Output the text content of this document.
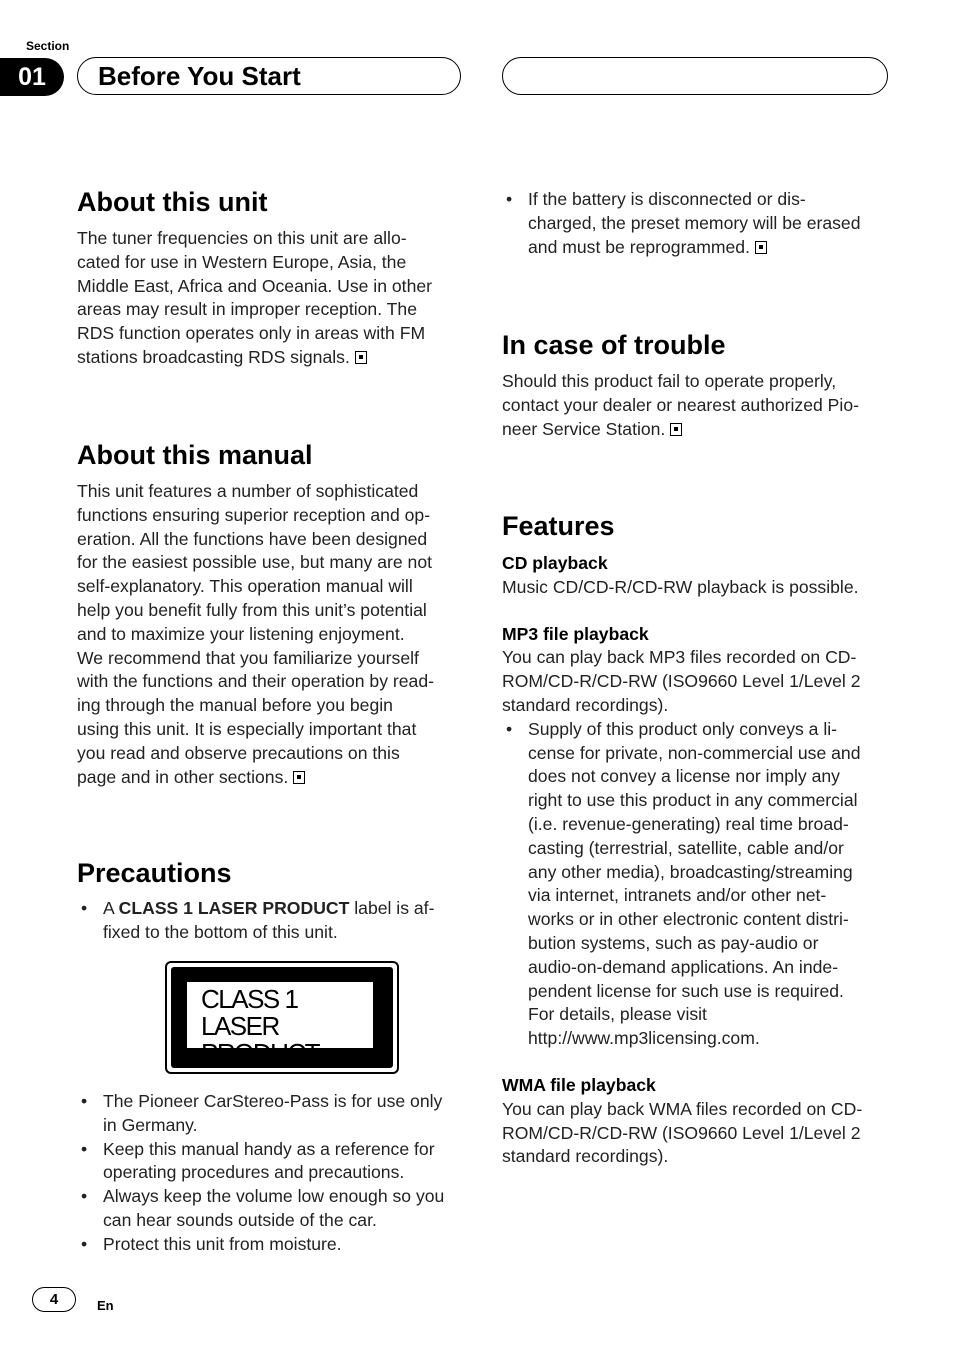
Section
01	Before You Start
About this unit

The tuner frequencies on this unit are allo-

cated for use in Western Europe, Asia, the

Middle East, Africa and Oceania. Use in other

areas may result in improper reception. The

RDS function operates only in areas with FM

stations broadcasting RDS signals.

About this manual

This unit features a number of sophisticated

functions ensuring superior reception and op-

eration. All the functions have been designed

for the easiest possible use, but many are not

self-explanatory. This operation manual will

help you benefit fully from this unit’s potential

and to maximize your listening enjoyment.

We recommend that you familiarize yourself

with the functions and their operation by read-

ing through the manual before you begin

using this unit. It is especially important that

you read and observe precautions on this

page and in other sections.

Precautions

• A CLASS 1 LASER PRODUCT label is af-

fixed to the bottom of this unit.

CLASS 1
LASER PRODUCT

• The Pioneer CarStereo-Pass is for use only

in Germany.

• Keep this manual handy as a reference for

operating procedures and precautions.

• Always keep the volume low enough so you

can hear sounds outside of the car.

• Protect this unit from moisture.

• If the battery is disconnected or dis-

charged, the preset memory will be erased

and must be reprogrammed.

In case of trouble

Should this product fail to operate properly,

contact your dealer or nearest authorized Pio-

neer Service Station.

Features

CD playback

Music CD/CD-R/CD-RW playback is possible.

MP3 file playback

You can play back MP3 files recorded on CD-

ROM/CD-R/CD-RW (ISO9660 Level 1/Level 2

standard recordings).

• Supply of this product only conveys a li-

cense for private, non-commercial use and

does not convey a license nor imply any

right to use this product in any commercial

(i.e. revenue-generating) real time broad-

casting (terrestrial, satellite, cable and/or

any other media), broadcasting/streaming

via internet, intranets and/or other net-

works or in other electronic content distri-

bution systems, such as pay-audio or

audio-on-demand applications. An inde-

pendent license for such use is required.

For details, please visit

http://www.mp3licensing.com.

WMA file playback

You can play back WMA files recorded on CD-

ROM/CD-R/CD-RW (ISO9660 Level 1/Level 2

standard recordings).

4	En
